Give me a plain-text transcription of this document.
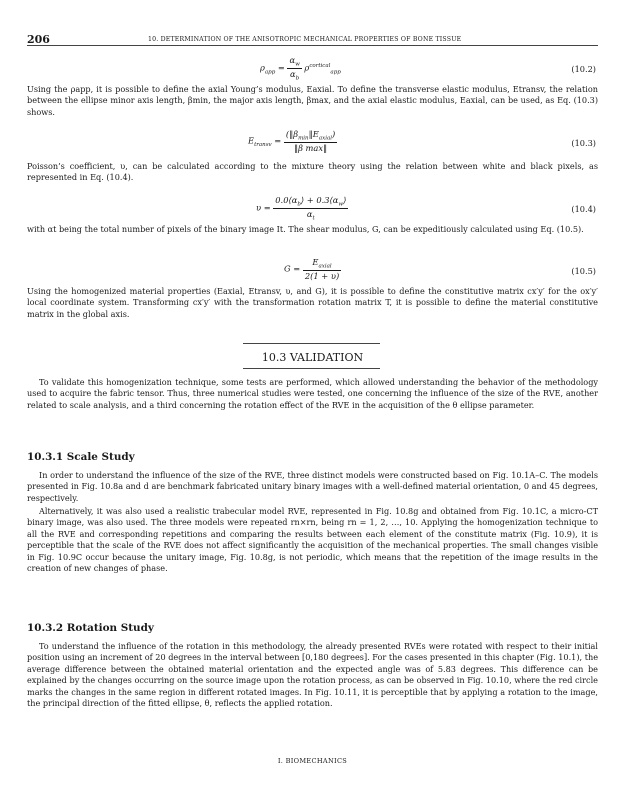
206	10. DETERMINATION OF THE ANISOTROPIC MECHANICAL PROPERTIES OF BONE TISSUE
$\rho_{app} = \frac{\alpha_w}{\alpha_b} \rho^{cortical}_{app}$	(10.2)

Using the ρapp, it is possible to define the axial Young’s modulus, Eaxial. To define the transverse elastic modulus, Etransv, the relation between the ellipse minor axis length, βmin, the major axis length, βmax, and the axial elastic modulus, Eaxial, can be used, as Eq. (10.3) shows.

$E_{transv} = \frac{(‖\beta_{min}‖E_{axial})}{\text{‖β max‖}}$	(10.3)

Poisson’s coefficient, υ, can be calculated according to the mixture theory using the relation between white and black pixels, as represented in Eq. (10.4).

$\upsilon = \frac{0.0⟨\alpha_b⟩ + 0.3⟨\alpha_w⟩}{\alpha_t}$	(10.4)

with αt being the total number of pixels of the binary image It. The shear modulus, G, can be expeditiously calculated using Eq. (10.5).

$G = \frac{E_{axial}}{2(1 + \upsilon)}$	(10.5)

Using the homogenized material properties (Eaxial, Etransv, υ, and G), it is possible to define the constitutive matrix cx′y′ for the ox′y′ local coordinate system. Transforming cx′y′ with the transformation rotation matrix T, it is possible to define the material constitutive matrix in the global axis.

10.3 VALIDATION

To validate this homogenization technique, some tests are performed, which allowed understanding the behavior of the methodology used to acquire the fabric tensor. Thus, three numerical studies were tested, one concerning the influence of the size of the RVE, another related to scale analysis, and a third concerning the rotation effect of the RVE in the acquisition of the θ ellipse parameter.

10.3.1 Scale Study

In order to understand the influence of the size of the RVE, three distinct models were constructed based on Fig. 10.1A–C. The models presented in Fig. 10.8a and d are benchmark fabricated unitary binary images with a well-defined material orientation, 0 and 45 degrees, respectively.

Alternatively, it was also used a realistic trabecular model RVE, represented in Fig. 10.8g and obtained from Fig. 10.1C, a micro-CT binary image, was also used. The three models were repeated rn×rn, being rn = 1, 2, …, 10. Applying the homogenization technique to all the RVE and corresponding repetitions and comparing the results between each element of the constitute matrix (Fig. 10.9), it is perceptible that the scale of the RVE does not affect significantly the acquisition of the mechanical properties. The small changes visible in Fig. 10.9C occur because the unitary image, Fig. 10.8g, is not periodic, which means that the repetition of the image results in the creation of new changes of phase.

10.3.2 Rotation Study

To understand the influence of the rotation in this methodology, the already presented RVEs were rotated with respect to their initial position using an increment of 20 degrees in the interval between [0,180 degrees]. For the cases presented in this chapter (Fig. 10.1), the average difference between the obtained material orientation and the expected angle was of 5.83 degrees. This difference can be explained by the changes occurring on the source image upon the rotation process, as can be observed in Fig. 10.10, where the red circle marks the changes in the same region in different rotated images. In Fig. 10.11, it is perceptible that by applying a rotation to the image, the principal direction of the fitted ellipse, θ, reflects the applied rotation.

I. BIOMECHANICS
